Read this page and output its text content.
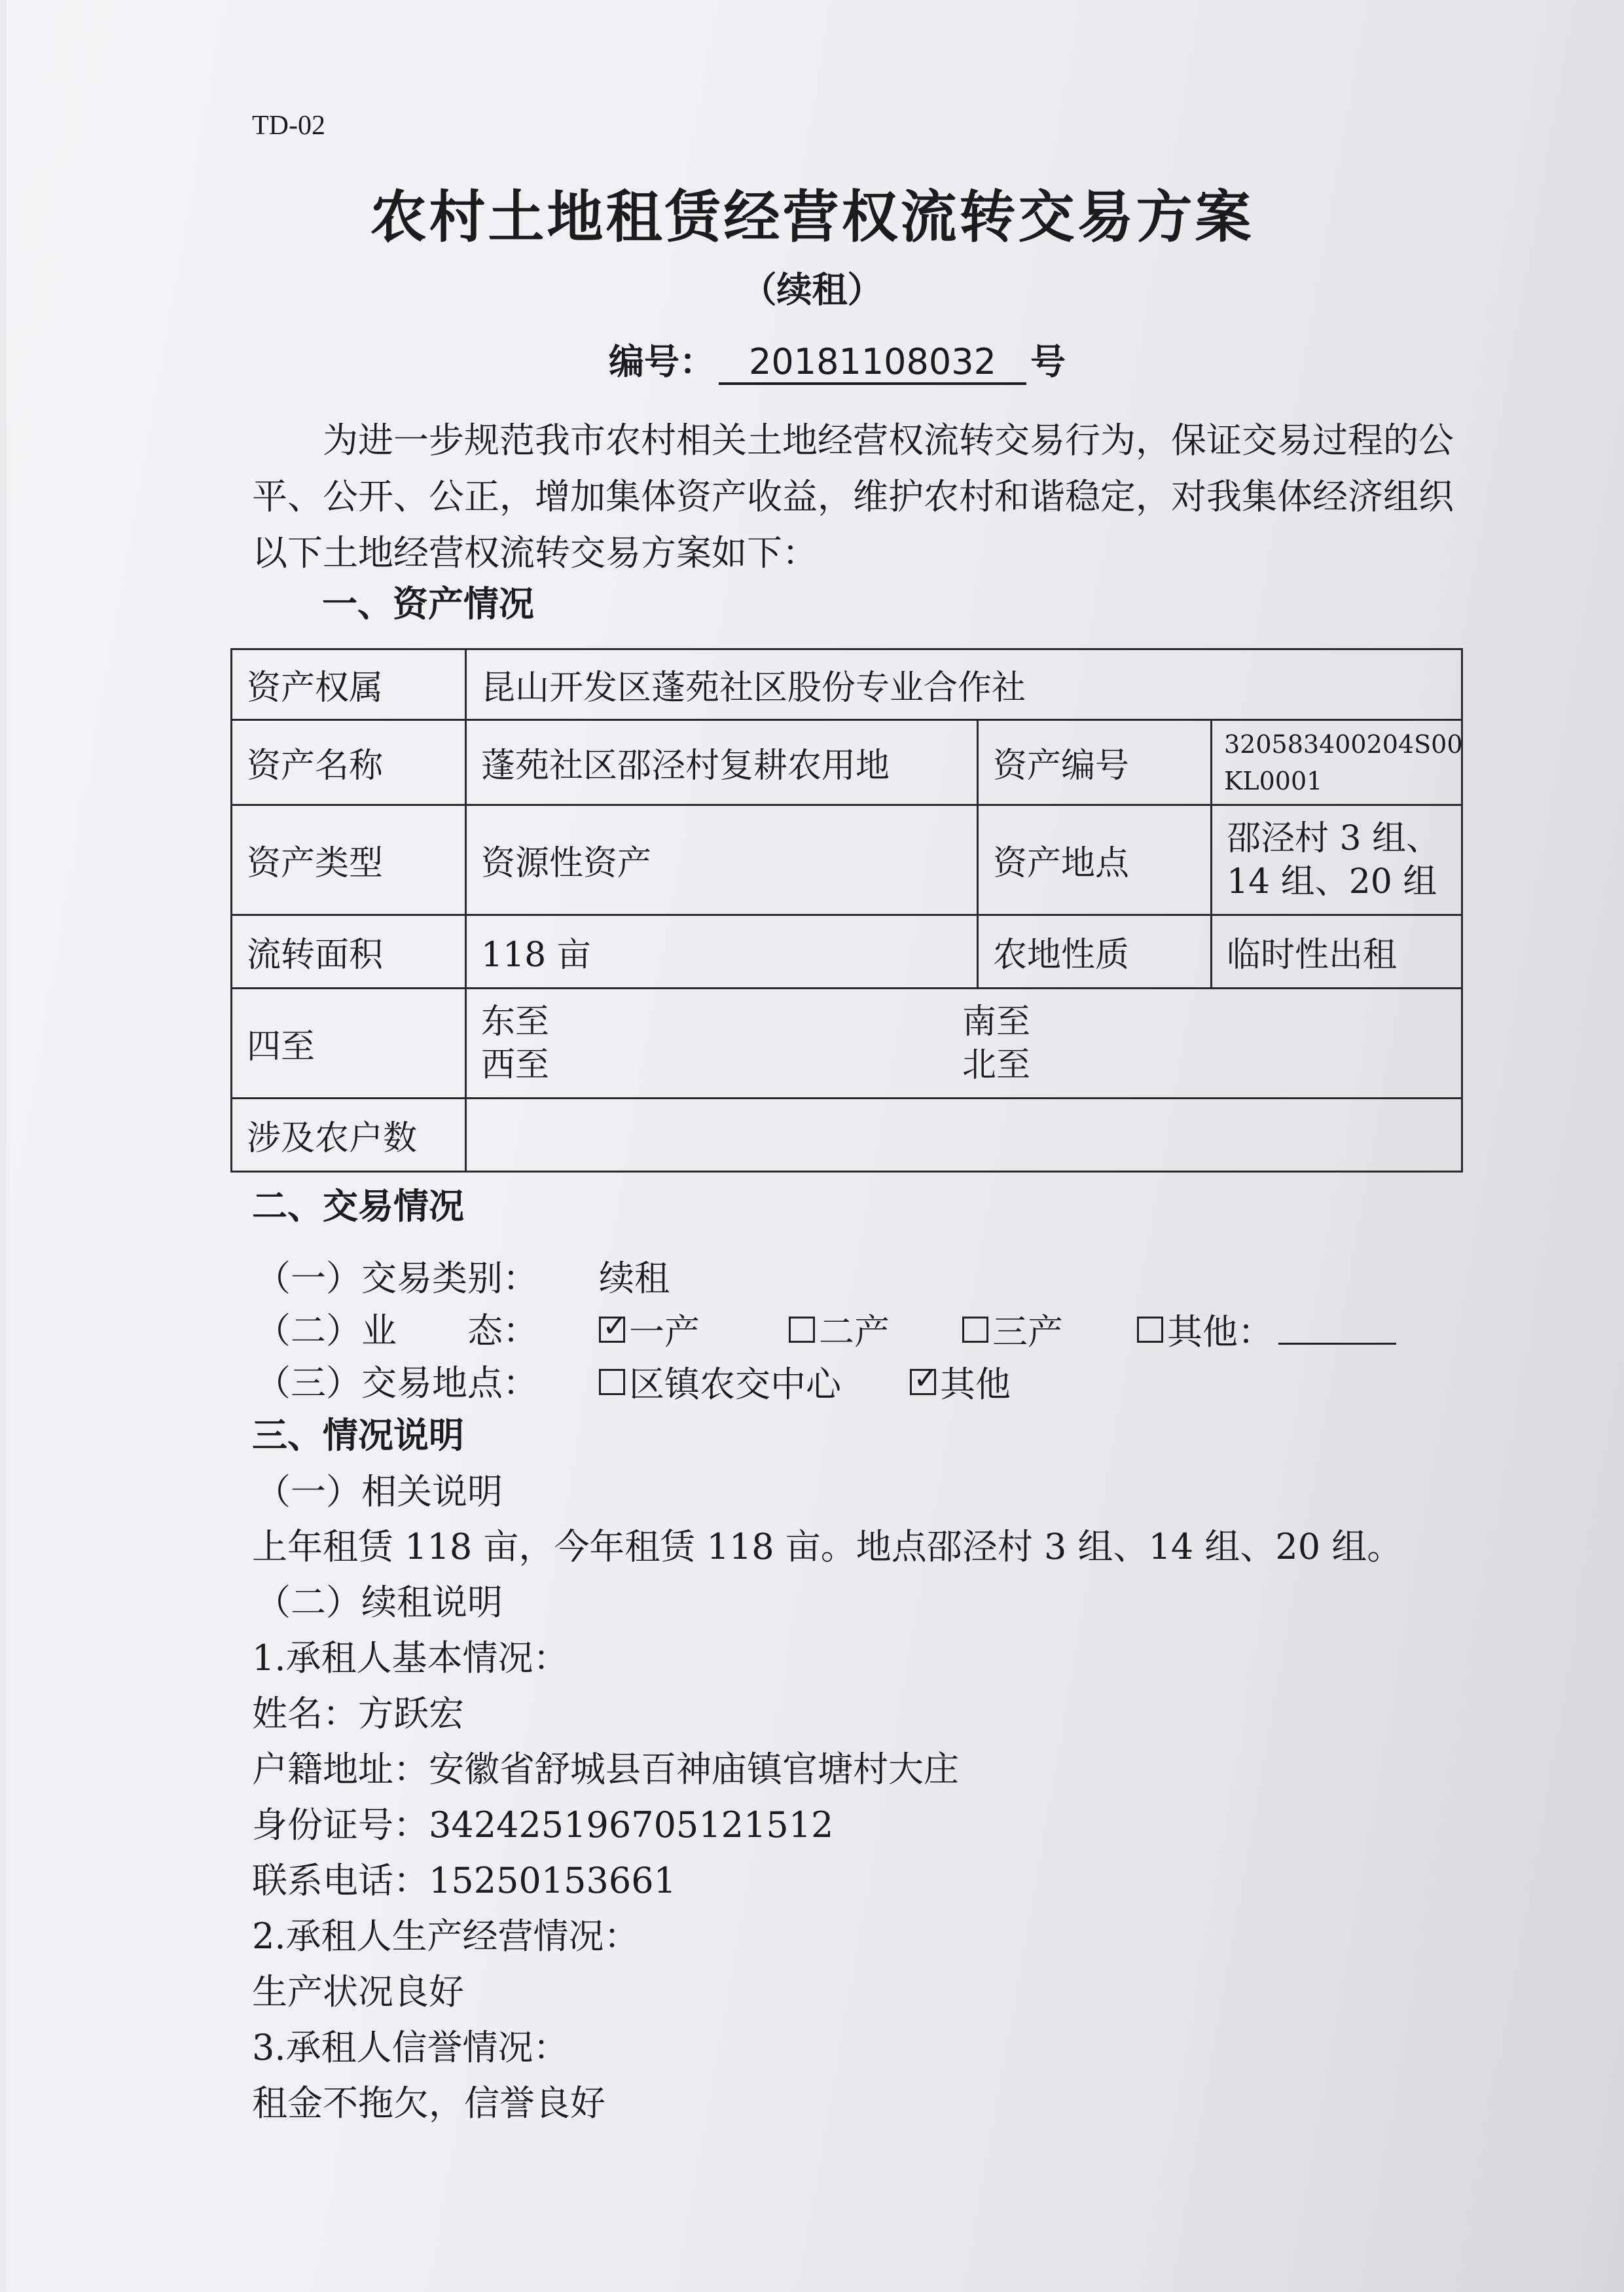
TD-02
农村土地租赁经营权流转交易方案
（续租）
编号： 20181108032 号
为进一步规范我市农村相关土地经营权流转交易行为，保证交易过程的公平、公开、公正，增加集体资产收益，维护农村和谐稳定，对我集体经济组织以下土地经营权流转交易方案如下：
一、资产情况
资产权属	昆山开发区蓬苑社区股份专业合作社		
资产名称	蓬苑社区邵泾村复耕农用地	资产编号	320583400204S00
KL0001

资产类型	资源性资产	资产地点	邵泾村 3 组、
14 组、20 组

流转面积	118 亩	农地性质	临时性出租
四至	东至 南至
西至 北至		

涉及农户数			
二、交易情况
（一）交易类别： 续租
（二）业　　态： ✓	一产	二产	三产	其他：
（三）交易地点：	区镇农交中心 ✓	其他
三、情况说明
（一）相关说明
上年租赁 118 亩，今年租赁 118 亩。地点邵泾村 3 组、14 组、20 组。
（二）续租说明
1.承租人基本情况：
姓名：方跃宏
户籍地址：安徽省舒城县百神庙镇官塘村大庄
身份证号：342425196705121512
联系电话：15250153661
2.承租人生产经营情况：
生产状况良好
3.承租人信誉情况：
租金不拖欠，信誉良好
